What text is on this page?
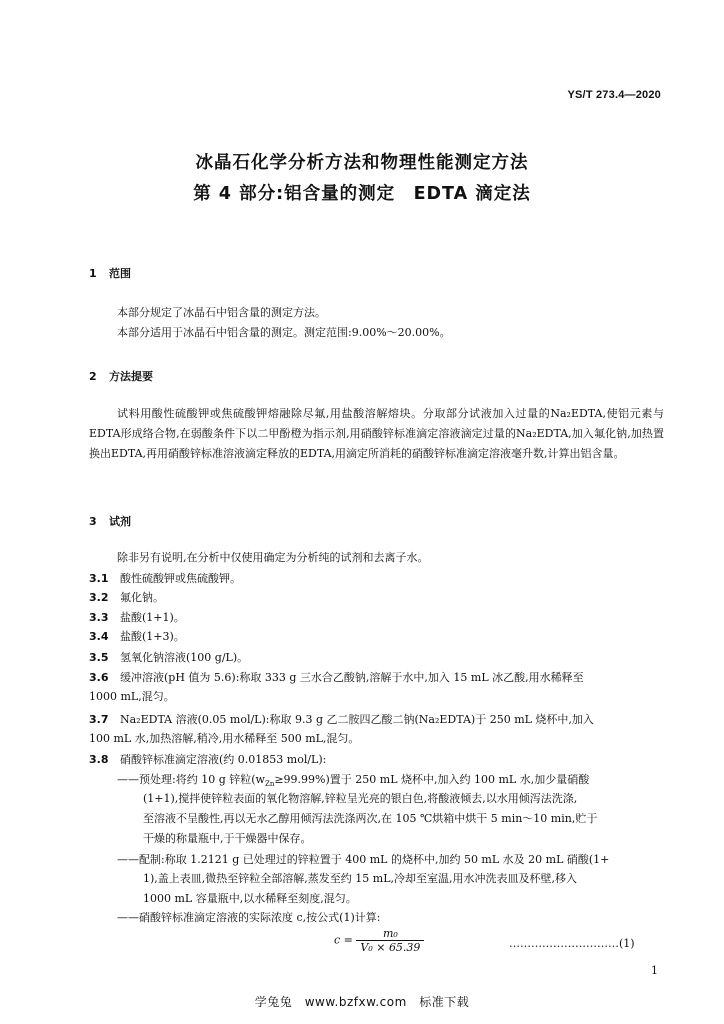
YS/T 273.4—2020
冰晶石化学分析方法和物理性能测定方法
第 4 部分:铝含量的测定　EDTA 滴定法
1 范围
本部分规定了冰晶石中铝含量的测定方法。
本部分适用于冰晶石中铝含量的测定。测定范围:9.00%～20.00%。
2 方法提要
试料用酸性硫酸钾或焦硫酸钾熔融除尽氟,用盐酸溶解熔块。分取部分试液加入过量的Na₂EDTA,使铝元素与EDTA形成络合物,在弱酸条件下以二甲酚橙为指示剂,用硝酸锌标准滴定溶液滴定过量的Na₂EDTA,加入氟化钠,加热置换出EDTA,再用硝酸锌标准溶液滴定释放的EDTA,用滴定所消耗的硝酸锌标准滴定溶液毫升数,计算出铝含量。
3 试剂
除非另有说明,在分析中仅使用确定为分析纯的试剂和去离子水。
3.1 酸性硫酸钾或焦硫酸钾。
3.2 氟化钠。
3.3 盐酸(1+1)。
3.4 盐酸(1+3)。
3.5 氢氧化钠溶液(100 g/L)。
3.6 缓冲溶液(pH 值为 5.6):称取 333 g 三水合乙酸钠,溶解于水中,加入 15 mL 冰乙酸,用水稀释至
1000 mL,混匀。
3.7 Na₂EDTA 溶液(0.05 mol/L):称取 9.3 g 乙二胺四乙酸二钠(Na₂EDTA)于 250 mL 烧杯中,加入
100 mL 水,加热溶解,稍冷,用水稀释至 500 mL,混匀。
3.8 硝酸锌标准滴定溶液(约 0.01853 mol/L):
——预处理:将约 10 g 锌粒$(w_{Zn}\ge 99.99\%)$置于 250 mL 烧杯中,加入约 100 mL 水,加少量硝酸
(1+1),搅拌使锌粒表面的氧化物溶解,锌粒呈光亮的银白色,将酸液倾去,以水用倾泻法洗涤,
至溶液不呈酸性,再以无水乙醇用倾泻法洗涤两次,在 105 ℃烘箱中烘干 5 min～10 min,贮于
干燥的称量瓶中,于干燥器中保存。
——配制:称取 1.2121 g 已处理过的锌粒置于 400 mL 的烧杯中,加约 50 mL 水及 20 mL 硝酸(1+
1),盖上表皿,微热至锌粒全部溶解,蒸发至约 15 mL,冷却至室温,用水冲洗表皿及杯壁,移入
1000 mL 容量瓶中,以水稀释至刻度,混匀。
——硝酸锌标准滴定溶液的实际浓度 c,按公式(1)计算:
$c = \frac{\text{m₀}}{\text{V₀ × 65.39}}$	…………………………(1)
1
学兔兔　www.bzfxw.com　标准下载
